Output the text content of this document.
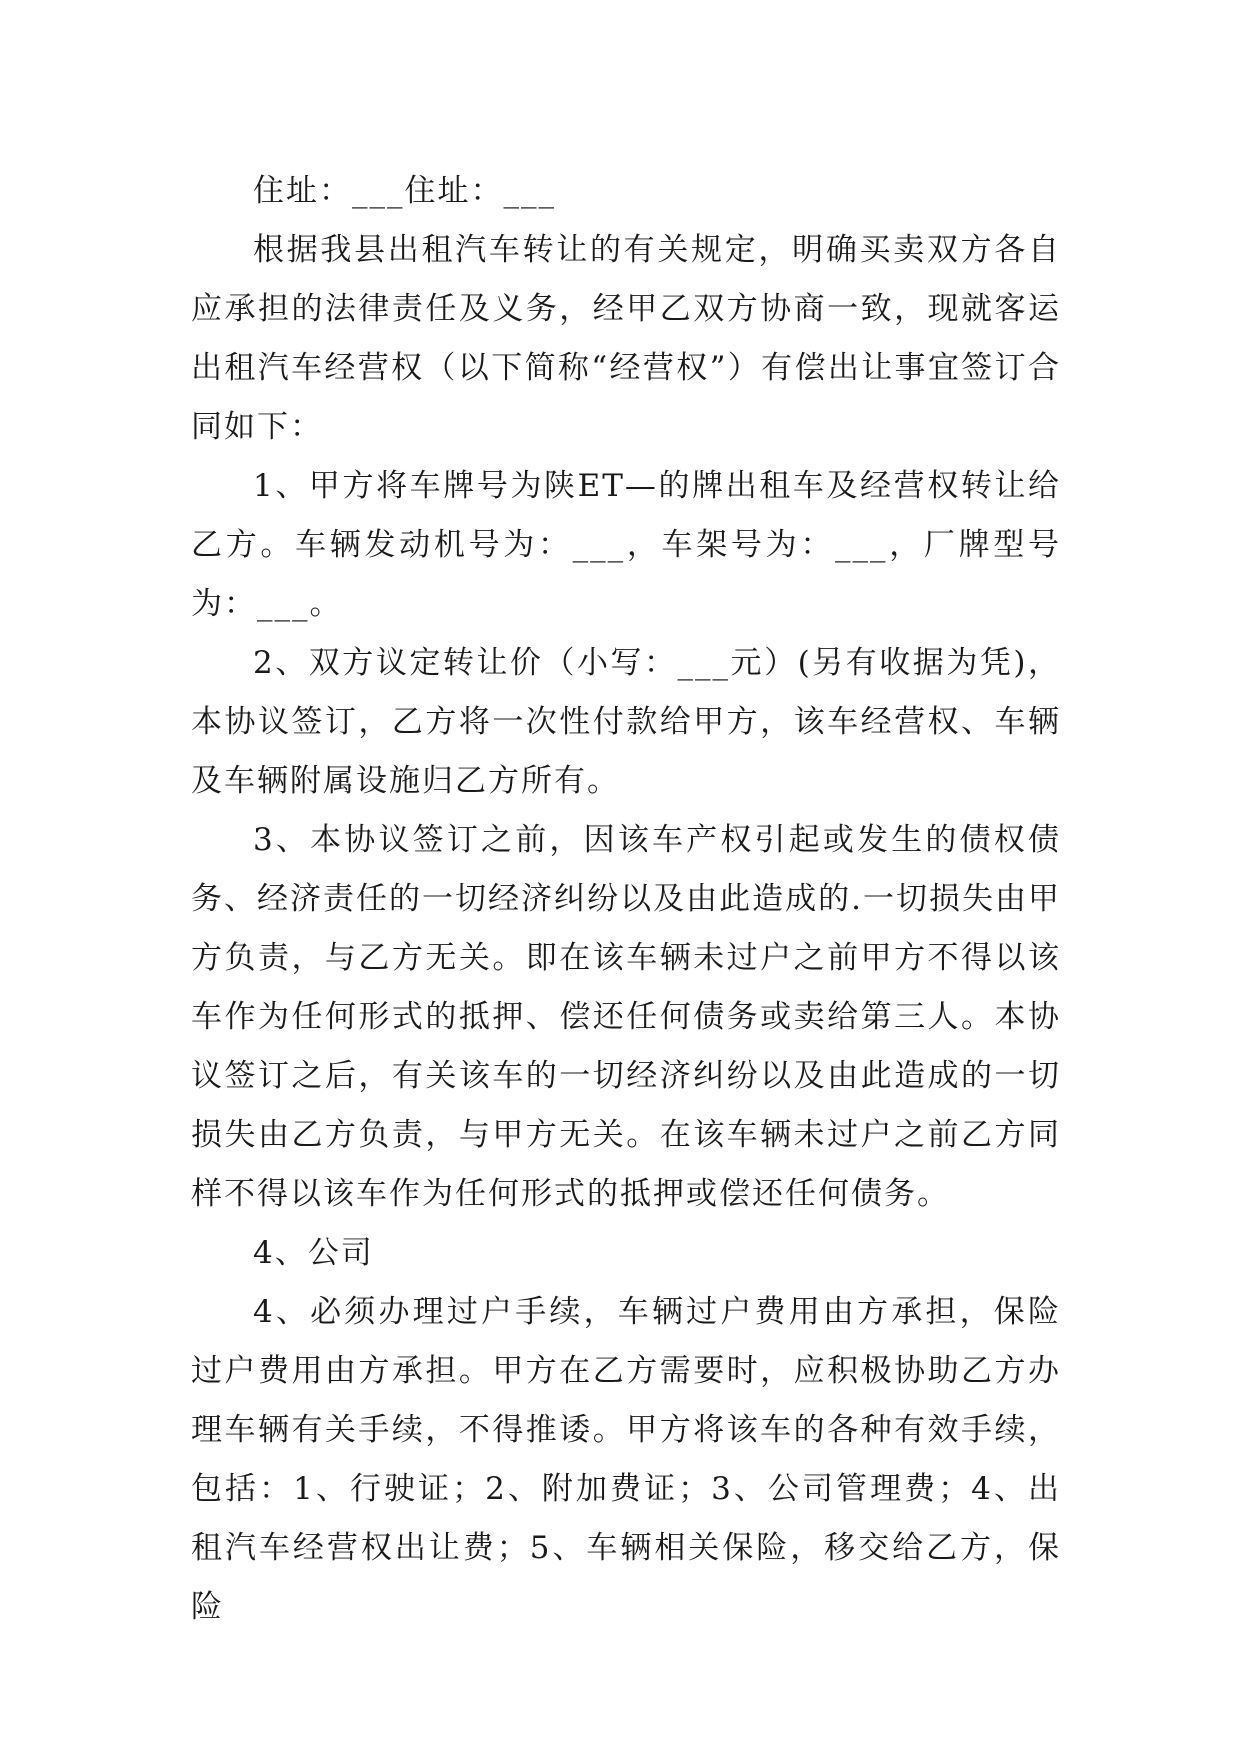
住址：___住址：___

根据我县出租汽车转让的有关规定，明确买卖双方各自应承担的法律责任及义务，经甲乙双方协商一致，现就客运出租汽车经营权（以下简称“经营权”）有偿出让事宜签订合同如下：

1、甲方将车牌号为陕ET—的牌出租车及经营权转让给乙方。车辆发动机号为：___，车架号为：___，厂牌型号为：___。

2、双方议定转让价（小写：___元）(另有收据为凭)，本协议签订，乙方将一次性付款给甲方，该车经营权、车辆及车辆附属设施归乙方所有。

3、本协议签订之前，因该车产权引起或发生的债权债务、经济责任的一切经济纠纷以及由此造成的.一切损失由甲方负责，与乙方无关。即在该车辆未过户之前甲方不得以该车作为任何形式的抵押、偿还任何债务或卖给第三人。本协议签订之后，有关该车的一切经济纠纷以及由此造成的一切损失由乙方负责，与甲方无关。在该车辆未过户之前乙方同样不得以该车作为任何形式的抵押或偿还任何债务。

4、公司

4、必须办理过户手续，车辆过户费用由方承担，保险过户费用由方承担。甲方在乙方需要时，应积极协助乙方办理车辆有关手续，不得推诿。甲方将该车的各种有效手续，包括：1、行驶证；2、附加费证；3、公司管理费；4、出租汽车经营权出让费；5、车辆相关保险，移交给乙方，保险
